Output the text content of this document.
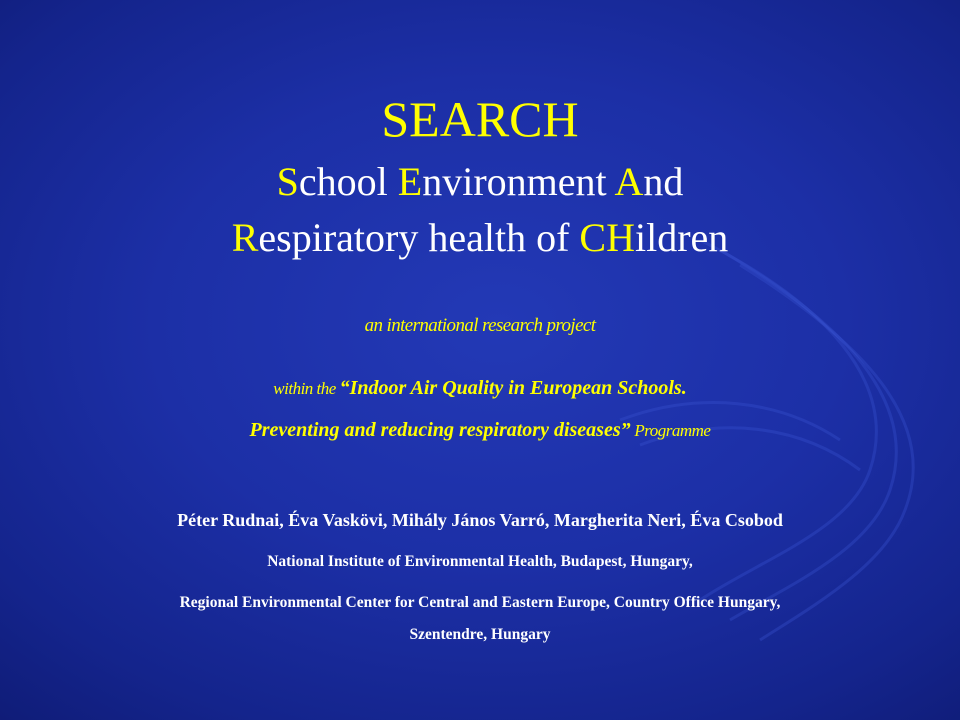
SEARCH
School Environment And
Respiratory health of CHildren
an international research project
within the “Indoor Air Quality in European Schools.
Preventing and reducing respiratory diseases” Programme
Péter Rudnai, Éva Vaskövi, Mihály János Varró, Margherita Neri, Éva Csobod
National Institute of Environmental Health, Budapest, Hungary,
Regional Environmental Center for Central and Eastern Europe, Country Office Hungary,
Szentendre, Hungary
